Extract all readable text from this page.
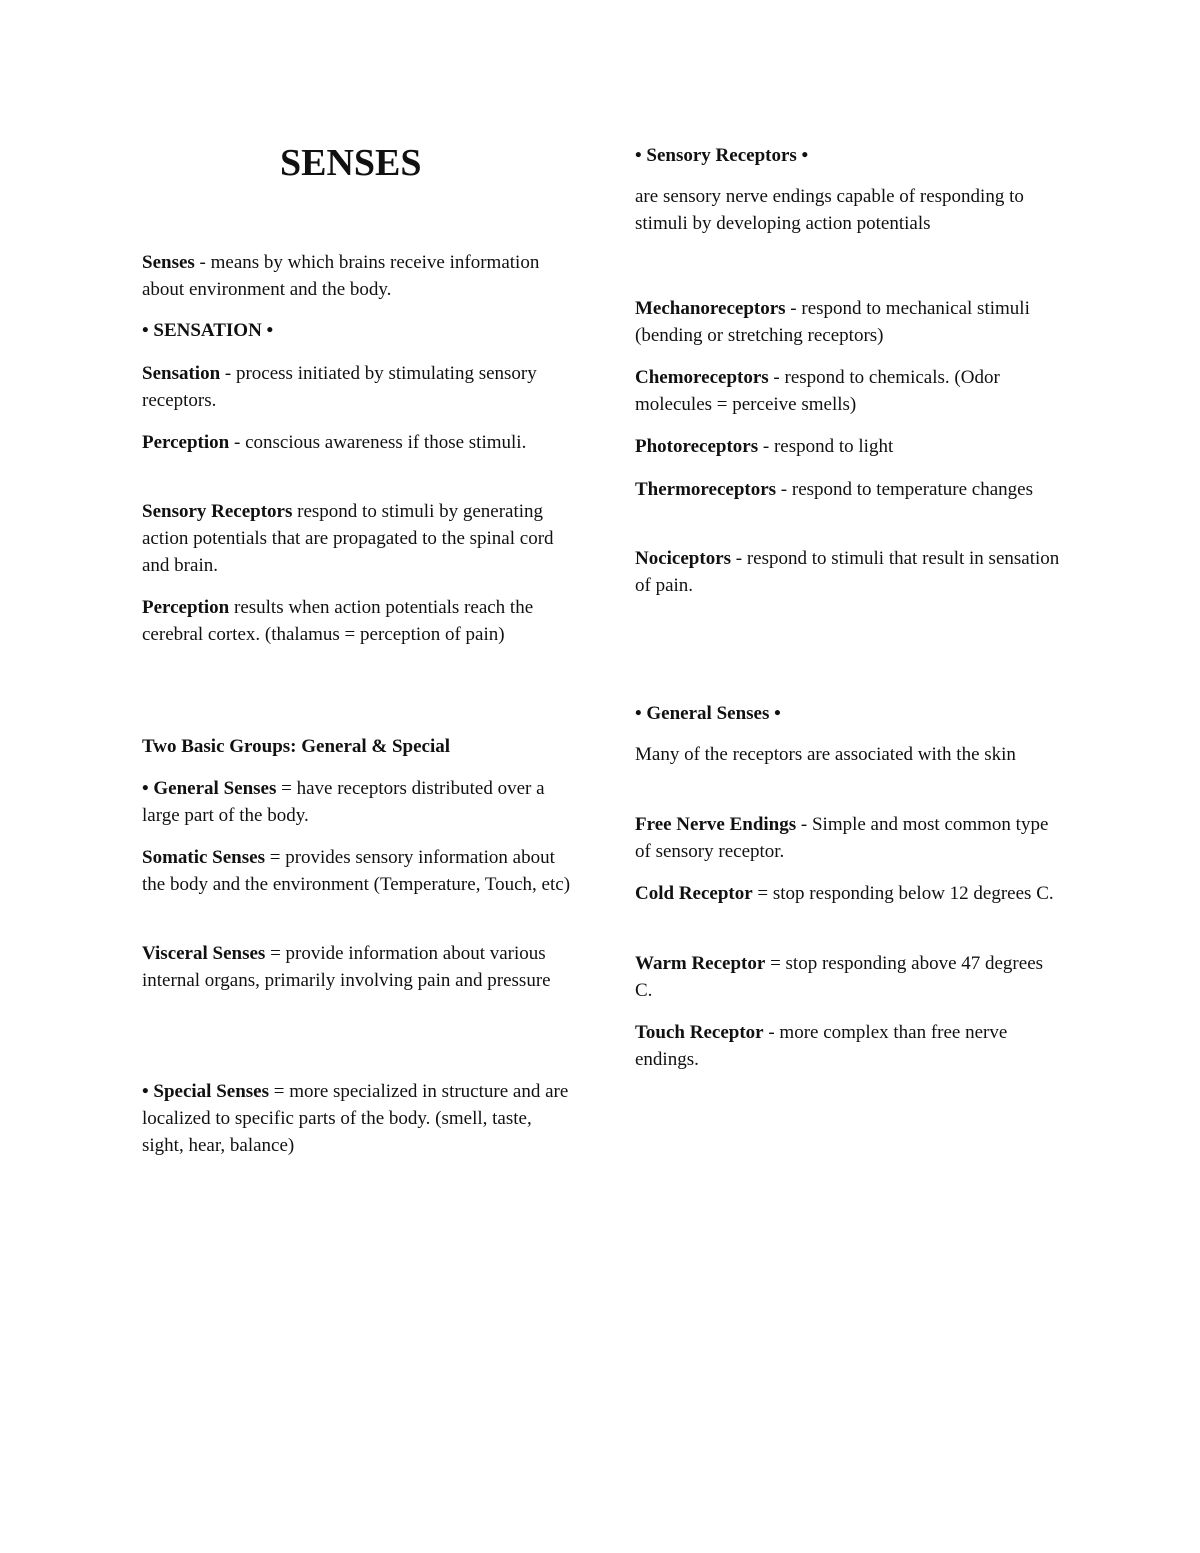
SENSES

Senses - means by which brains receive information about environment and the body.

• SENSATION •

Sensation - process initiated by stimulating sensory receptors.

Perception - conscious awareness if those stimuli.

Sensory Receptors respond to stimuli by generating action potentials that are propagated to the spinal cord and brain.

Perception results when action potentials reach the cerebral cortex. (thalamus = perception of pain)

Two Basic Groups: General & Special

• General Senses = have receptors distributed over a large part of the body.

Somatic Senses = provides sensory information about the body and the environment (Temperature, Touch, etc)

Visceral Senses = provide information about various internal organs, primarily involving pain and pressure

• Special Senses = more specialized in structure and are localized to specific parts of the body. (smell, taste, sight, hear, balance)

• Sensory Receptors •

are sensory nerve endings capable of responding to stimuli by developing action potentials

Mechanoreceptors - respond to mechanical stimuli (bending or stretching receptors)

Chemoreceptors - respond to chemicals. (Odor molecules = perceive smells)

Photoreceptors - respond to light

Thermoreceptors - respond to temperature changes

Nociceptors - respond to stimuli that result in sensation of pain.

• General Senses •

Many of the receptors are associated with the skin

Free Nerve Endings - Simple and most common type of sensory receptor.

Cold Receptor = stop responding below 12 degrees C.

Warm Receptor = stop responding above 47 degrees C.

Touch Receptor - more complex than free nerve endings.
